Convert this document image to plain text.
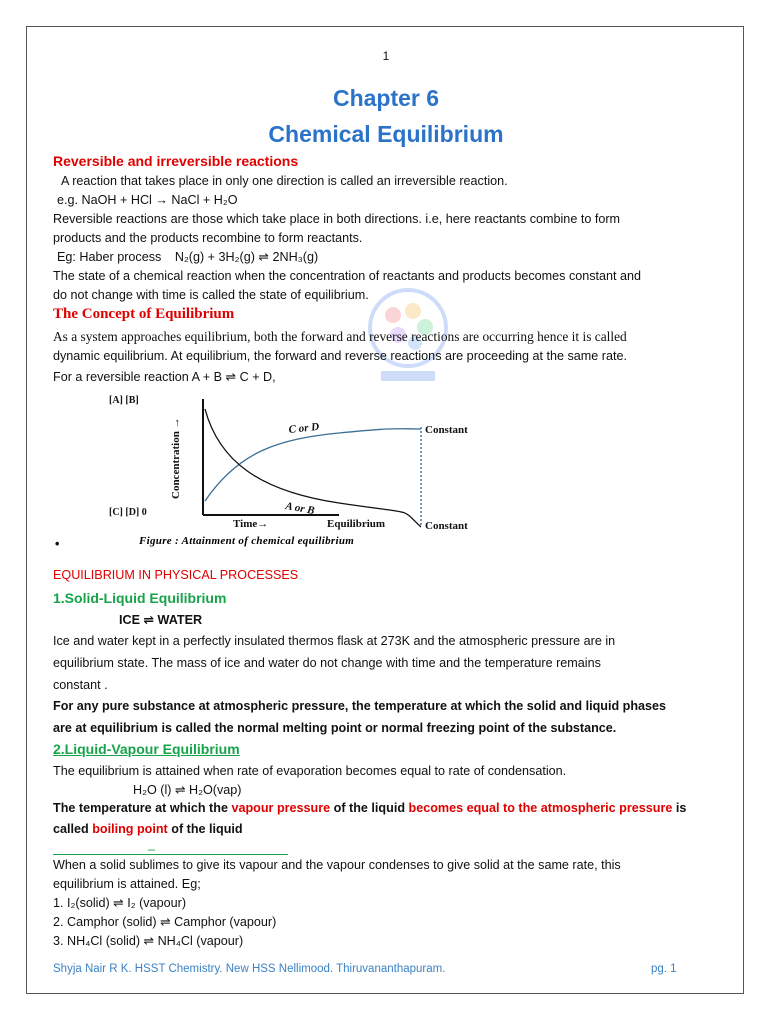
1
Chapter 6
Chemical Equilibrium
Reversible and irreversible reactions
A reaction that takes place in only one direction is called an irreversible reaction.
e.g. NaOH + HCl → NaCl + H₂O
Reversible reactions are those which take place in both directions. i.e, here reactants combine to form
products and the products recombine to form reactants.
Eg: Haber process N₂(g) + 3H₂(g) ⇌ 2NH₃(g)
The state of a chemical reaction when the concentration of reactants and products becomes constant and
do not change with time is called the state of equilibrium.
The Concept of Equilibrium
As a system approaches equilibrium, both the forward and reverse reactions are occurring hence it is called
dynamic equilibrium. At equilibrium, the forward and reverse reactions are proceeding at the same rate.
For a reversible reaction A + B ⇌ C + D,
[A] [B]
[C] [D] 0
Concentration →
Time→	Equilibrium
C or D
A or B
Constant
Constant
Figure : Attainment of chemical equilibrium
•
EQUILIBRIUM IN PHYSICAL PROCESSES
1.Solid-Liquid Equilibrium
ICE ⇌ WATER
Ice and water kept in a perfectly insulated thermos flask at 273K and the atmospheric pressure are in
equilibrium state. The mass of ice and water do not change with time and the temperature remains
constant .
For any pure substance at atmospheric pressure, the temperature at which the solid and liquid phases
are at equilibrium is called the normal melting point or normal freezing point of the substance.
2.Liquid-Vapour Equilibrium
The equilibrium is attained when rate of evaporation becomes equal to rate of condensation.
H₂O (l) ⇌ H₂O(vap)
The temperature at which the vapour pressure of the liquid becomes equal to the atmospheric pressure is
called boiling point of the liquid
_
When a solid sublimes to give its vapour and the vapour condenses to give solid at the same rate, this
equilibrium is attained. Eg;
1. I₂(solid) ⇌ I₂ (vapour)
2. Camphor (solid) ⇌ Camphor (vapour)
3. NH₄Cl (solid) ⇌ NH₄Cl (vapour)
Shyja Nair R K. HSST Chemistry. New HSS Nellimood. Thiruvananthapuram.	pg. 1
